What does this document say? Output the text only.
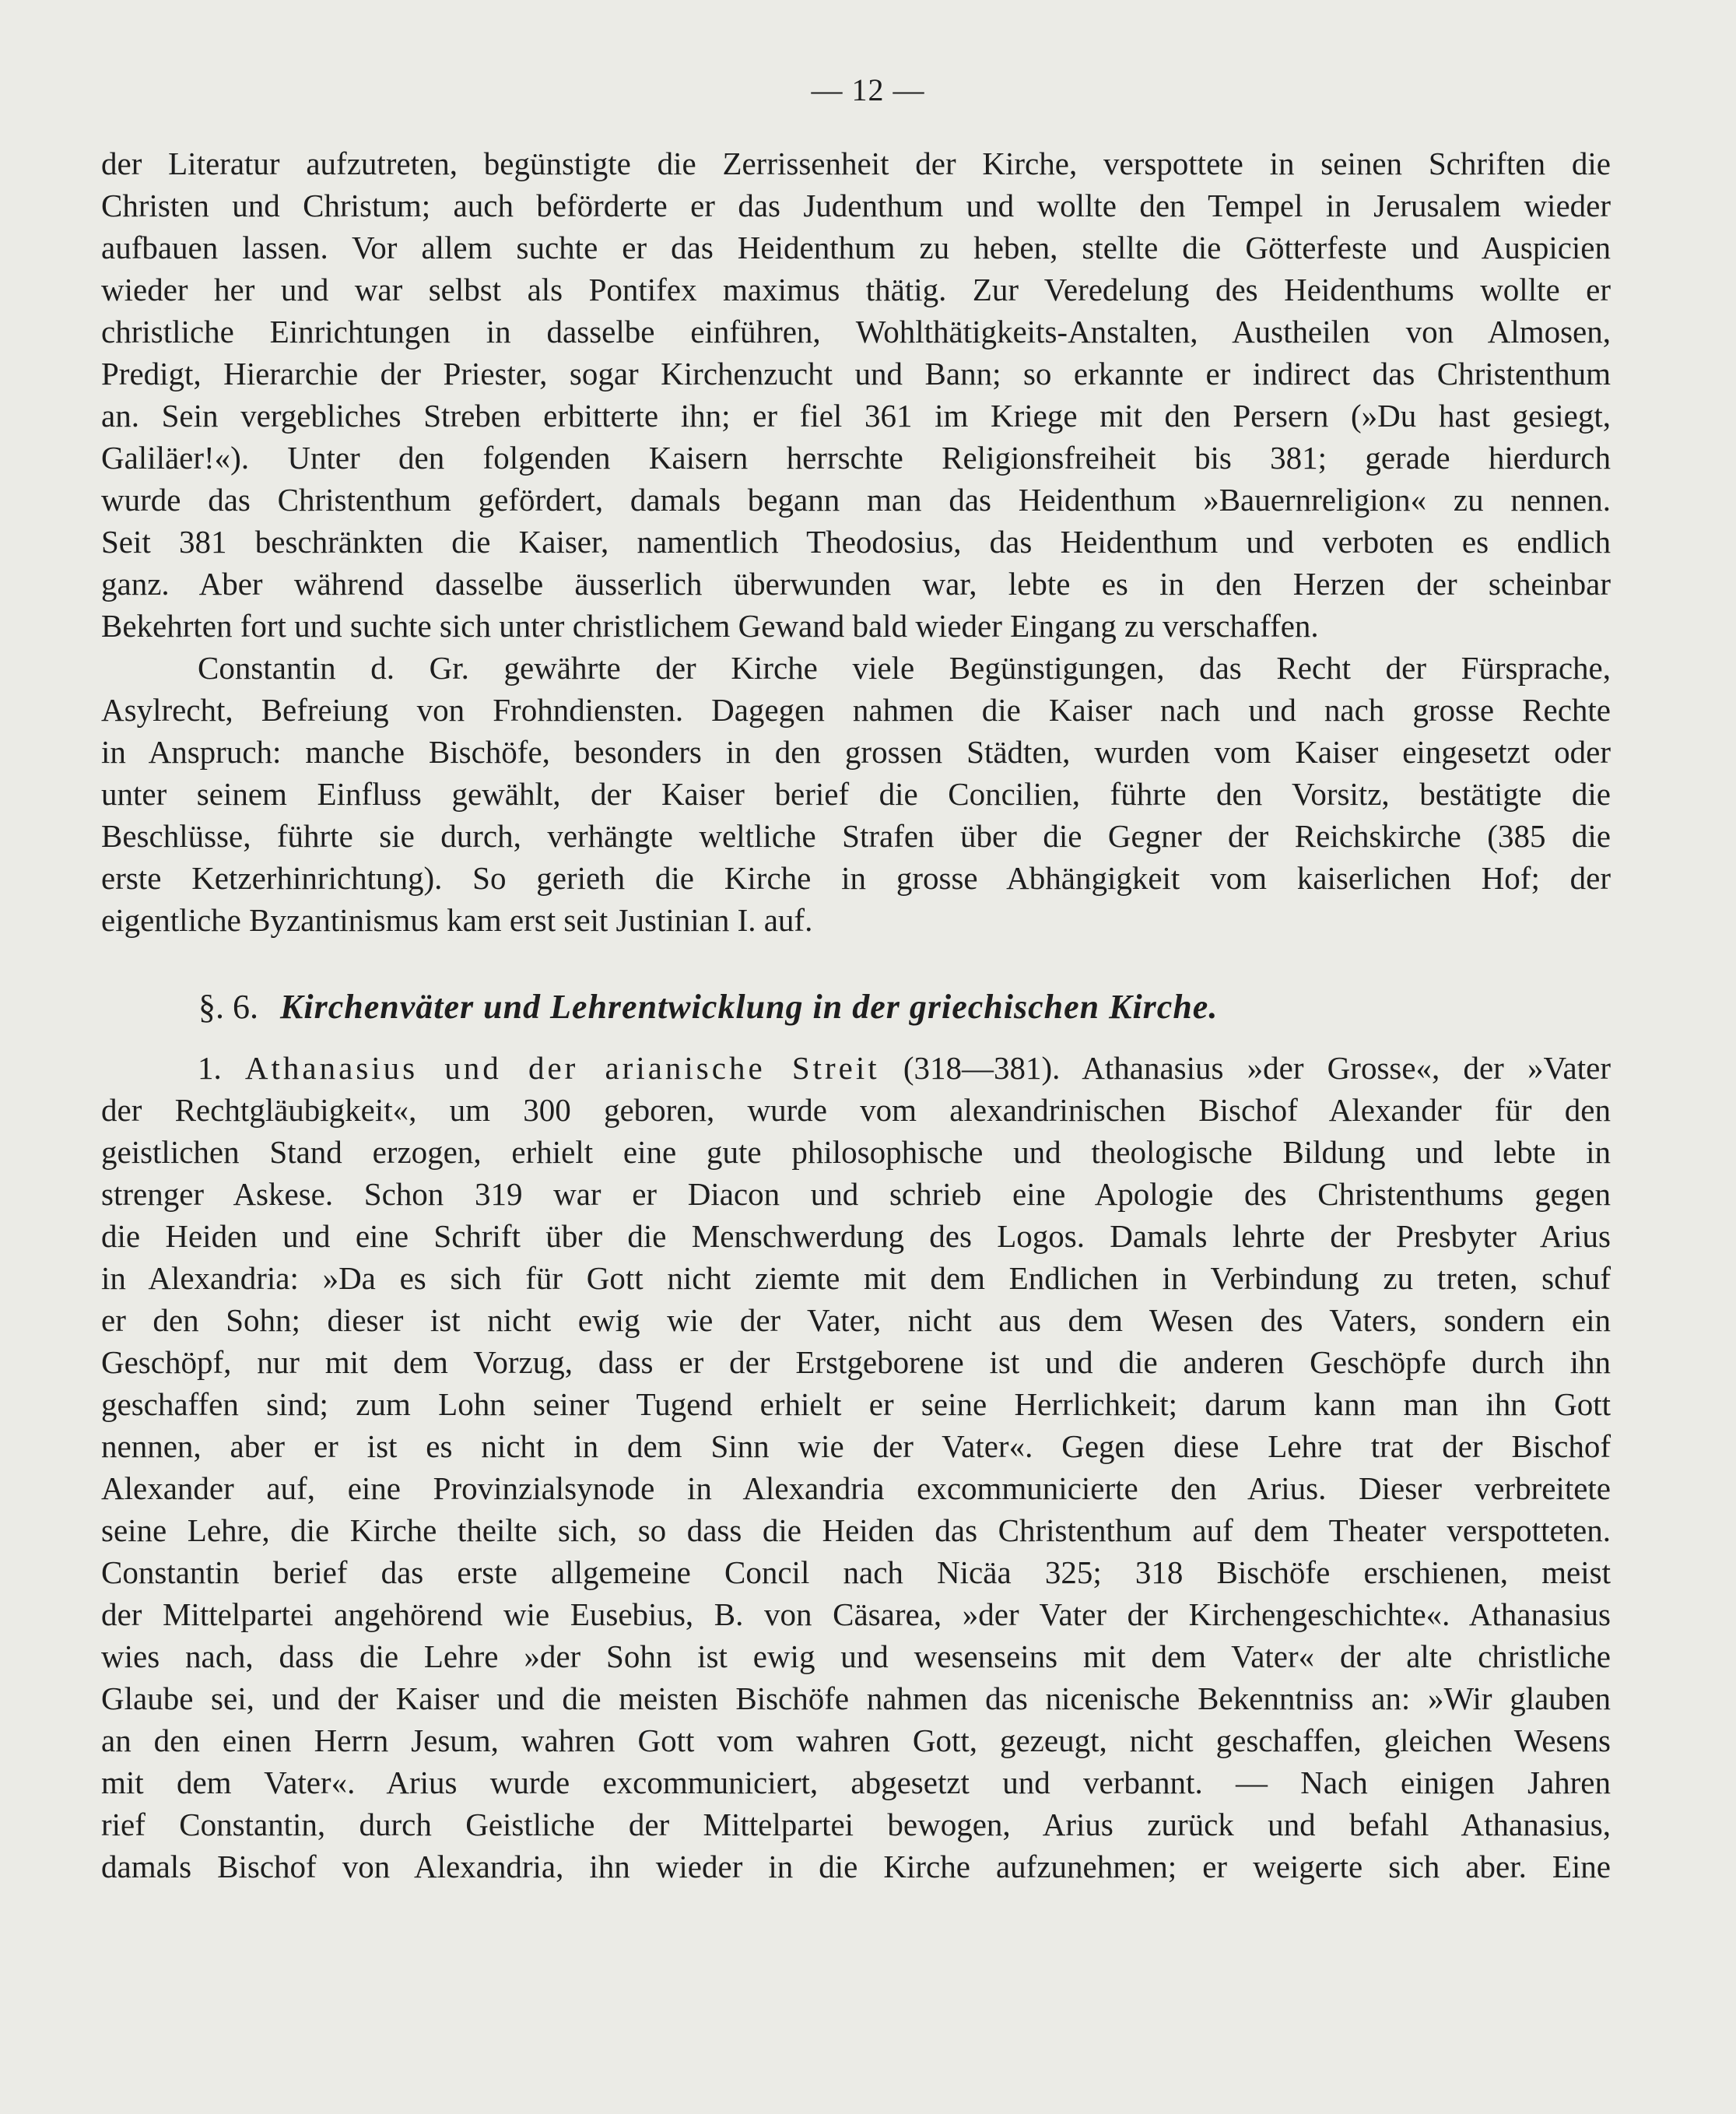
— 12 —
der Literatur aufzutreten, begünstigte die Zerrissenheit der Kirche, verspottete in seinen Schriften die
Christen und Christum; auch beförderte er das Judenthum und wollte den Tempel in Jerusalem wieder
aufbauen lassen. Vor allem suchte er das Heidenthum zu heben, stellte die Götterfeste und Auspicien
wieder her und war selbst als Pontifex maximus thätig. Zur Veredelung des Heidenthums wollte er
christliche Einrichtungen in dasselbe einführen, Wohlthätigkeits-Anstalten, Austheilen von Almosen,
Predigt, Hierarchie der Priester, sogar Kirchenzucht und Bann; so erkannte er indirect das Christenthum
an. Sein vergebliches Streben erbitterte ihn; er fiel 361 im Kriege mit den Persern (»Du hast gesiegt,
Galiläer!«). Unter den folgenden Kaisern herrschte Religionsfreiheit bis 381; gerade hierdurch
wurde das Christenthum gefördert, damals begann man das Heidenthum »Bauernreligion« zu nennen.
Seit 381 beschränkten die Kaiser, namentlich Theodosius, das Heidenthum und verboten es endlich
ganz. Aber während dasselbe äusserlich überwunden war, lebte es in den Herzen der scheinbar
Bekehrten fort und suchte sich unter christlichem Gewand bald wieder Eingang zu verschaffen.
Constantin d. Gr. gewährte der Kirche viele Begünstigungen, das Recht der Fürsprache,
Asylrecht, Befreiung von Frohndiensten. Dagegen nahmen die Kaiser nach und nach grosse Rechte
in Anspruch: manche Bischöfe, besonders in den grossen Städten, wurden vom Kaiser eingesetzt oder
unter seinem Einfluss gewählt, der Kaiser berief die Concilien, führte den Vorsitz, bestätigte die
Beschlüsse, führte sie durch, verhängte weltliche Strafen über die Gegner der Reichskirche (385 die
erste Ketzerhinrichtung). So gerieth die Kirche in grosse Abhängigkeit vom kaiserlichen Hof; der
eigentliche Byzantinismus kam erst seit Justinian I. auf.
§. 6. Kirchenväter und Lehrentwicklung in der griechischen Kirche.
1. Athanasius und der arianische Streit (318—381). Athanasius »der Grosse«, der »Vater
der Rechtgläubigkeit«, um 300 geboren, wurde vom alexandrinischen Bischof Alexander für den
geistlichen Stand erzogen, erhielt eine gute philosophische und theologische Bildung und lebte in
strenger Askese. Schon 319 war er Diacon und schrieb eine Apologie des Christenthums gegen
die Heiden und eine Schrift über die Menschwerdung des Logos. Damals lehrte der Presbyter Arius
in Alexandria: »Da es sich für Gott nicht ziemte mit dem Endlichen in Verbindung zu treten, schuf
er den Sohn; dieser ist nicht ewig wie der Vater, nicht aus dem Wesen des Vaters, sondern ein
Geschöpf, nur mit dem Vorzug, dass er der Erstgeborene ist und die anderen Geschöpfe durch ihn
geschaffen sind; zum Lohn seiner Tugend erhielt er seine Herrlichkeit; darum kann man ihn Gott
nennen, aber er ist es nicht in dem Sinn wie der Vater«. Gegen diese Lehre trat der Bischof
Alexander auf, eine Provinzialsynode in Alexandria excommunicierte den Arius. Dieser verbreitete
seine Lehre, die Kirche theilte sich, so dass die Heiden das Christenthum auf dem Theater verspotteten.
Constantin berief das erste allgemeine Concil nach Nicäa 325; 318 Bischöfe erschienen, meist
der Mittelpartei angehörend wie Eusebius, B. von Cäsarea, »der Vater der Kirchengeschichte«. Athanasius
wies nach, dass die Lehre »der Sohn ist ewig und wesenseins mit dem Vater« der alte christliche
Glaube sei, und der Kaiser und die meisten Bischöfe nahmen das nicenische Bekenntniss an: »Wir glauben
an den einen Herrn Jesum, wahren Gott vom wahren Gott, gezeugt, nicht geschaffen, gleichen Wesens
mit dem Vater«. Arius wurde excommuniciert, abgesetzt und verbannt. — Nach einigen Jahren
rief Constantin, durch Geistliche der Mittelpartei bewogen, Arius zurück und befahl Athanasius,
damals Bischof von Alexandria, ihn wieder in die Kirche aufzunehmen; er weigerte sich aber. Eine
